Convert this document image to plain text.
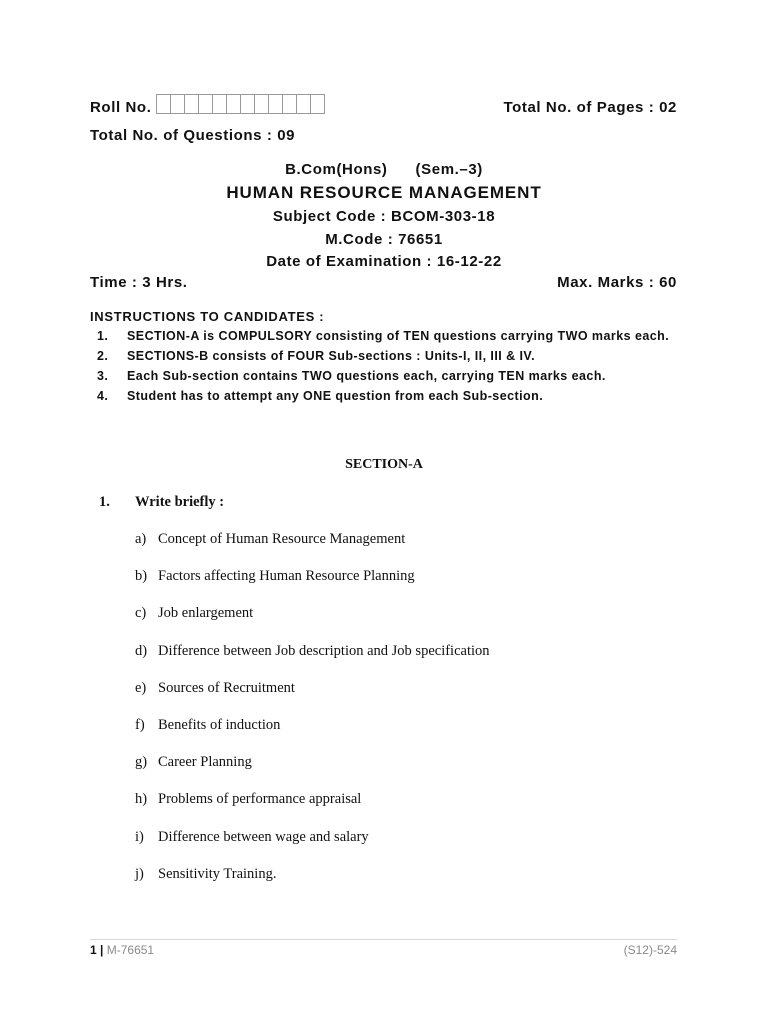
Roll No.	Total No. of Pages : 02
Total No. of Questions : 09
B.Com(Hons) (Sem.–3)
HUMAN RESOURCE MANAGEMENT
Subject Code : BCOM-303-18
M.Code : 76651
Date of Examination : 16-12-22
Time : 3 Hrs.	Max. Marks : 60
INSTRUCTIONS TO CANDIDATES :
1.	SECTION-A is COMPULSORY consisting of TEN questions carrying TWO marks each.
2.	SECTIONS-B consists of FOUR Sub-sections : Units-I, II, III & IV.
3.	Each Sub-section contains TWO questions each, carrying TEN marks each.
4.	Student has to attempt any ONE question from each Sub-section.
SECTION-A
1.	Write briefly :
a) Concept of Human Resource Management
b) Factors affecting Human Resource Planning
c) Job enlargement
d) Difference between Job description and Job specification
e) Sources of Recruitment
f) Benefits of induction
g) Career Planning
h) Problems of performance appraisal
i) Difference between wage and salary
j) Sensitivity Training.
1 | M-76651	(S12)-524
